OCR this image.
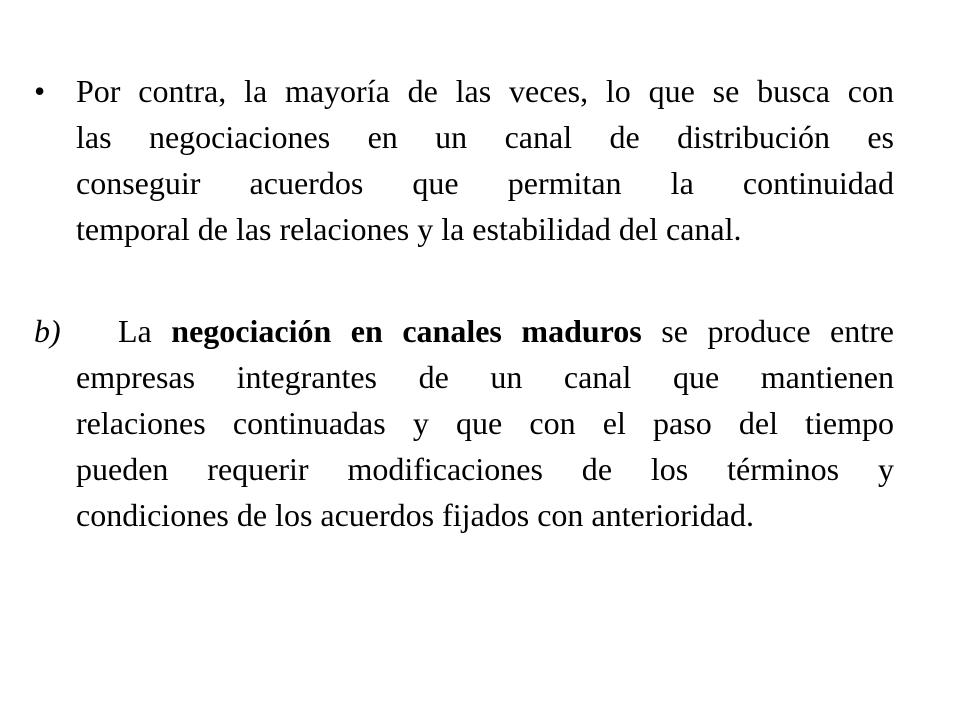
• Por contra, la mayoría de las veces, lo que se busca con
las negociaciones en un canal de distribución es
conseguir acuerdos que permitan la continuidad
temporal de las relaciones y la estabilidad del canal.
b)	La negociación en canales maduros se produce entre
empresas integrantes de un canal que mantienen
relaciones continuadas y que con el paso del tiempo
pueden requerir modificaciones de los términos y
condiciones de los acuerdos fijados con anterioridad.
